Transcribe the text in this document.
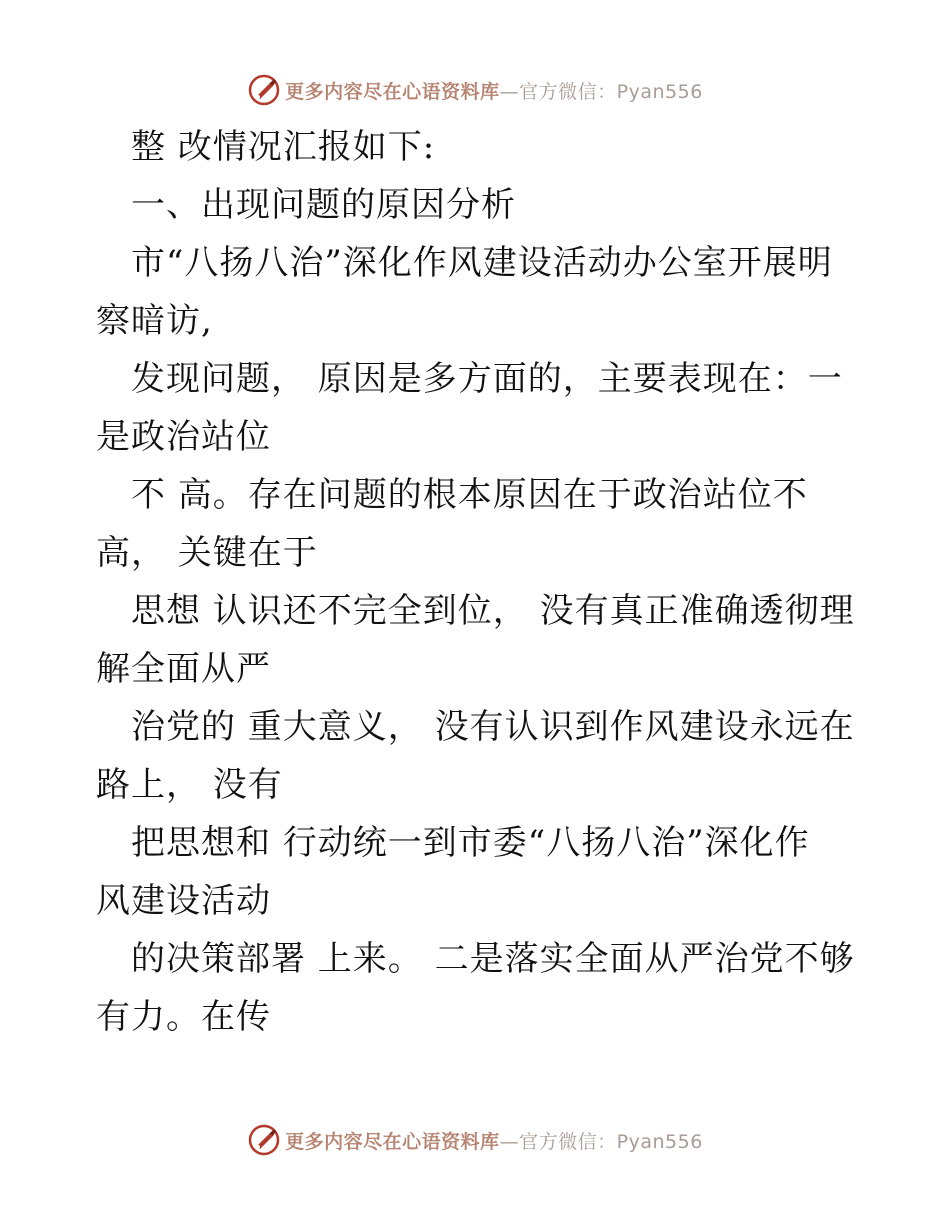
更多内容尽在心语资料库—官方微信：Pyan556

　整 改情况汇报如下:

　一、出现问题的原因分析

　市“八扬八治”深化作风建设活动办公室开展明

察暗访,

　发现问题， 原因是多方面的，主要表现在：一

是政治站位

　不 高。存在问题的根本原因在于政治站位不

高， 关键在于

　思想 认识还不完全到位， 没有真正准确透彻理

解全面从严

　治党的 重大意义， 没有认识到作风建设永远在

路上， 没有

　把思想和 行动统一到市委“八扬八治”深化作

风建设活动

　的决策部署 上来。 二是落实全面从严治党不够

有力。在传

更多内容尽在心语资料库—官方微信：Pyan556
